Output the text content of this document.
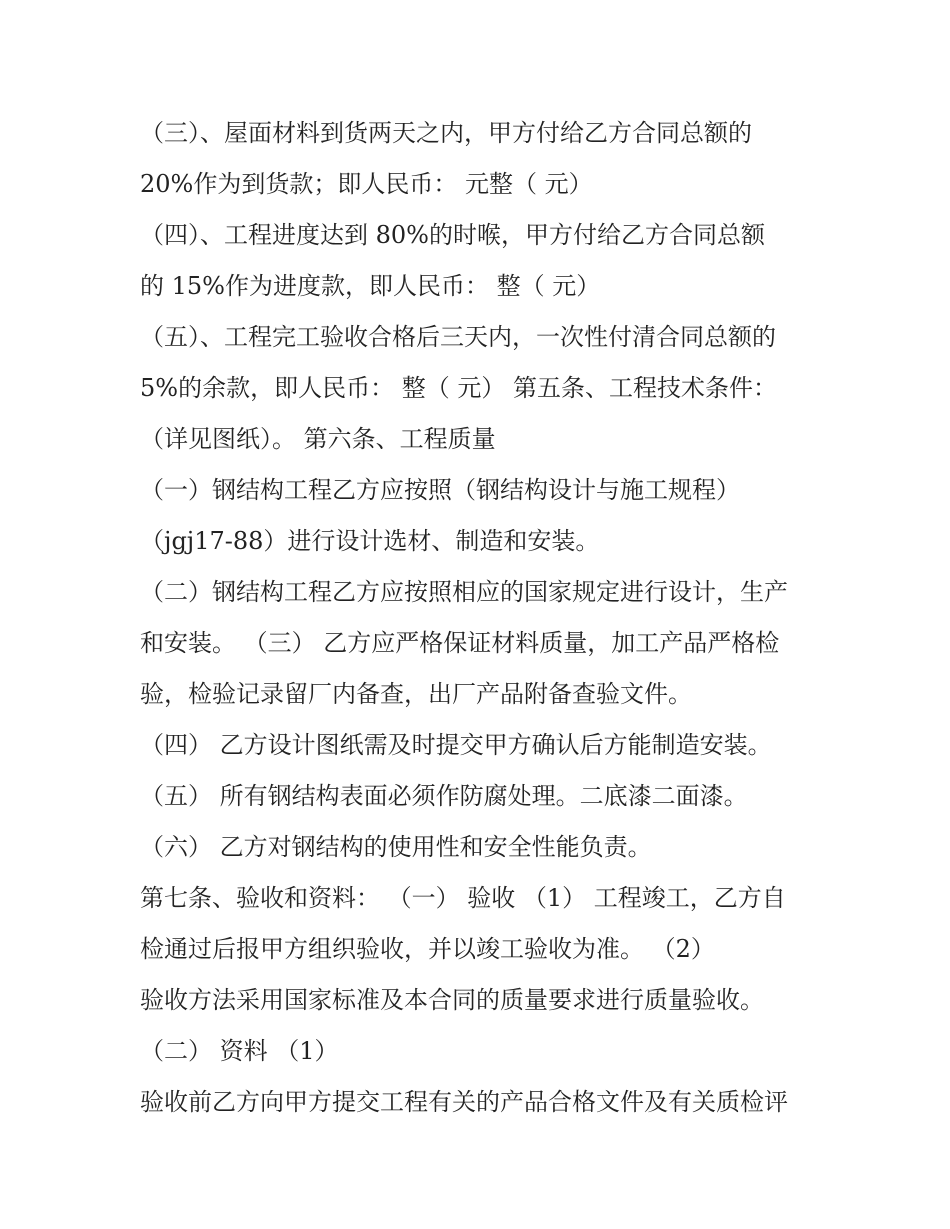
（三）、屋面材料到货两天之内，甲方付给乙方合同总额的

20%作为到货款；即人民币： 元整（ 元）

（四）、工程进度达到 80%的时喉，甲方付给乙方合同总额

的 15%作为进度款，即人民币： 整（ 元）

（五）、工程完工验收合格后三天内，一次性付清合同总额的

5%的余款，即人民币： 整（ 元） 第五条、工程技术条件：

（详见图纸）。 第六条、工程质量

（一）钢结构工程乙方应按照（钢结构设计与施工规程）

（jgj17-88）进行设计选材、制造和安装。

（二）钢结构工程乙方应按照相应的国家规定进行设计，生产

和安装。 （三） 乙方应严格保证材料质量，加工产品严格检

验，检验记录留厂内备查，出厂产品附备查验文件。

（四） 乙方设计图纸需及时提交甲方确认后方能制造安装。

（五） 所有钢结构表面必须作防腐处理。二底漆二面漆。

（六） 乙方对钢结构的使用性和安全性能负责。

第七条、验收和资料： （一） 验收 （1） 工程竣工，乙方自

检通过后报甲方组织验收，并以竣工验收为准。 （2）

验收方法采用国家标准及本合同的质量要求进行质量验收。

（二） 资料 （1）

验收前乙方向甲方提交工程有关的产品合格文件及有关质检评
